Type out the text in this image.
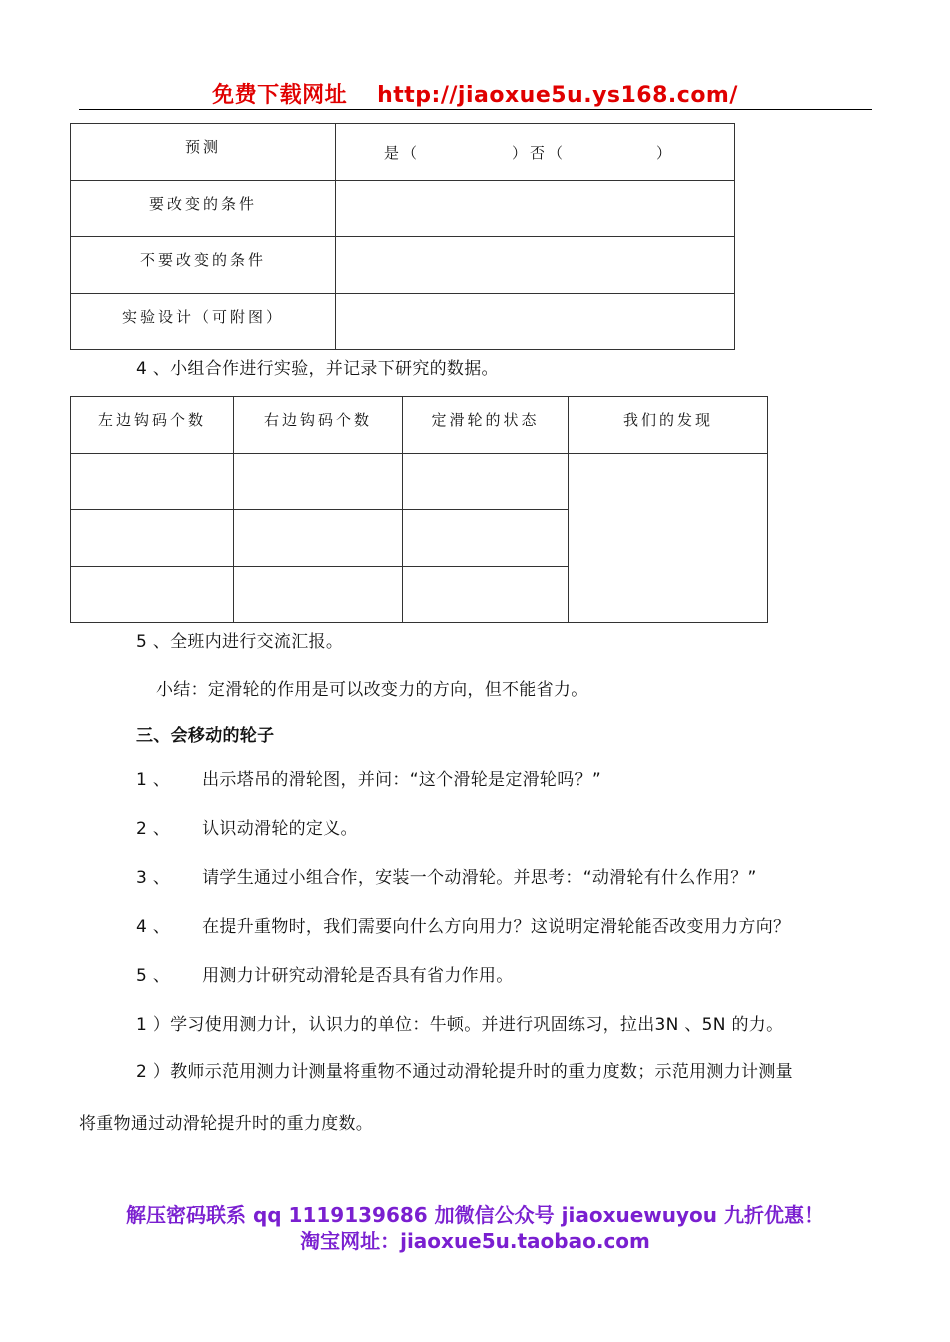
免费下载网址 http://jiaoxue5u.ys168.com/
预测	是（ ）否（ ）
要改变的条件	
不要改变的条件	
实验设计（可附图）	
4 、小组合作进行实验，并记录下研究的数据。
左边钩码个数	右边钩码个数	定滑轮的状态	我们的发现

5 、全班内进行交流汇报。
小结：定滑轮的作用是可以改变力的方向，但不能省力。
三、会移动的轮子
1 、 出示塔吊的滑轮图，并问：“这个滑轮是定滑轮吗？”
2 、 认识动滑轮的定义。
3 、 请学生通过小组合作，安装一个动滑轮。并思考：“动滑轮有什么作用？”
4 、 在提升重物时，我们需要向什么方向用力？这说明定滑轮能否改变用力方向？
5 、 用测力计研究动滑轮是否具有省力作用。
1 ）学习使用测力计，认识力的单位：牛顿。并进行巩固练习，拉出3N 、5N 的力。
2 ）教师示范用测力计测量将重物不通过动滑轮提升时的重力度数；示范用测力计测量
将重物通过动滑轮提升时的重力度数。
解压密码联系 qq 1119139686 加微信公众号 jiaoxuewuyou 九折优惠！
淘宝网址：jiaoxue5u.taobao.com
